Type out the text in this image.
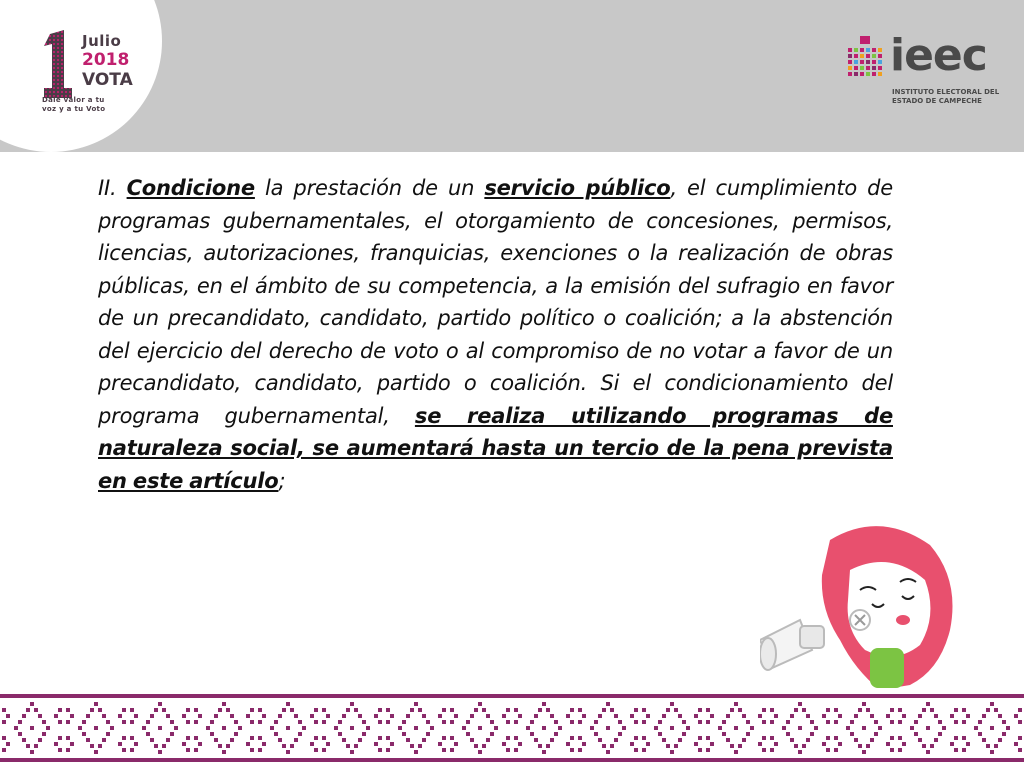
Julio
2018
VOTA
Dale valor a tu
voz y a tu Voto
ieec
INSTITUTO ELECTORAL DEL
ESTADO DE CAMPECHE
II. Condicione la prestación de un servicio público, el cumplimiento de programas gubernamentales, el otorgamiento de concesiones, permisos, licencias, autorizaciones, franquicias, exenciones o la realización de obras públicas, en el ámbito de su competencia, a la emisión del sufragio en favor de un precandidato, candidato, partido político o coalición; a la abstención del ejercicio del derecho de voto o al compromiso de no votar a favor de un precandidato, candidato, partido o coalición. Si el condicionamiento del programa gubernamental, se realiza utilizando programas de naturaleza social, se aumentará hasta un tercio de la pena prevista en este artículo;
